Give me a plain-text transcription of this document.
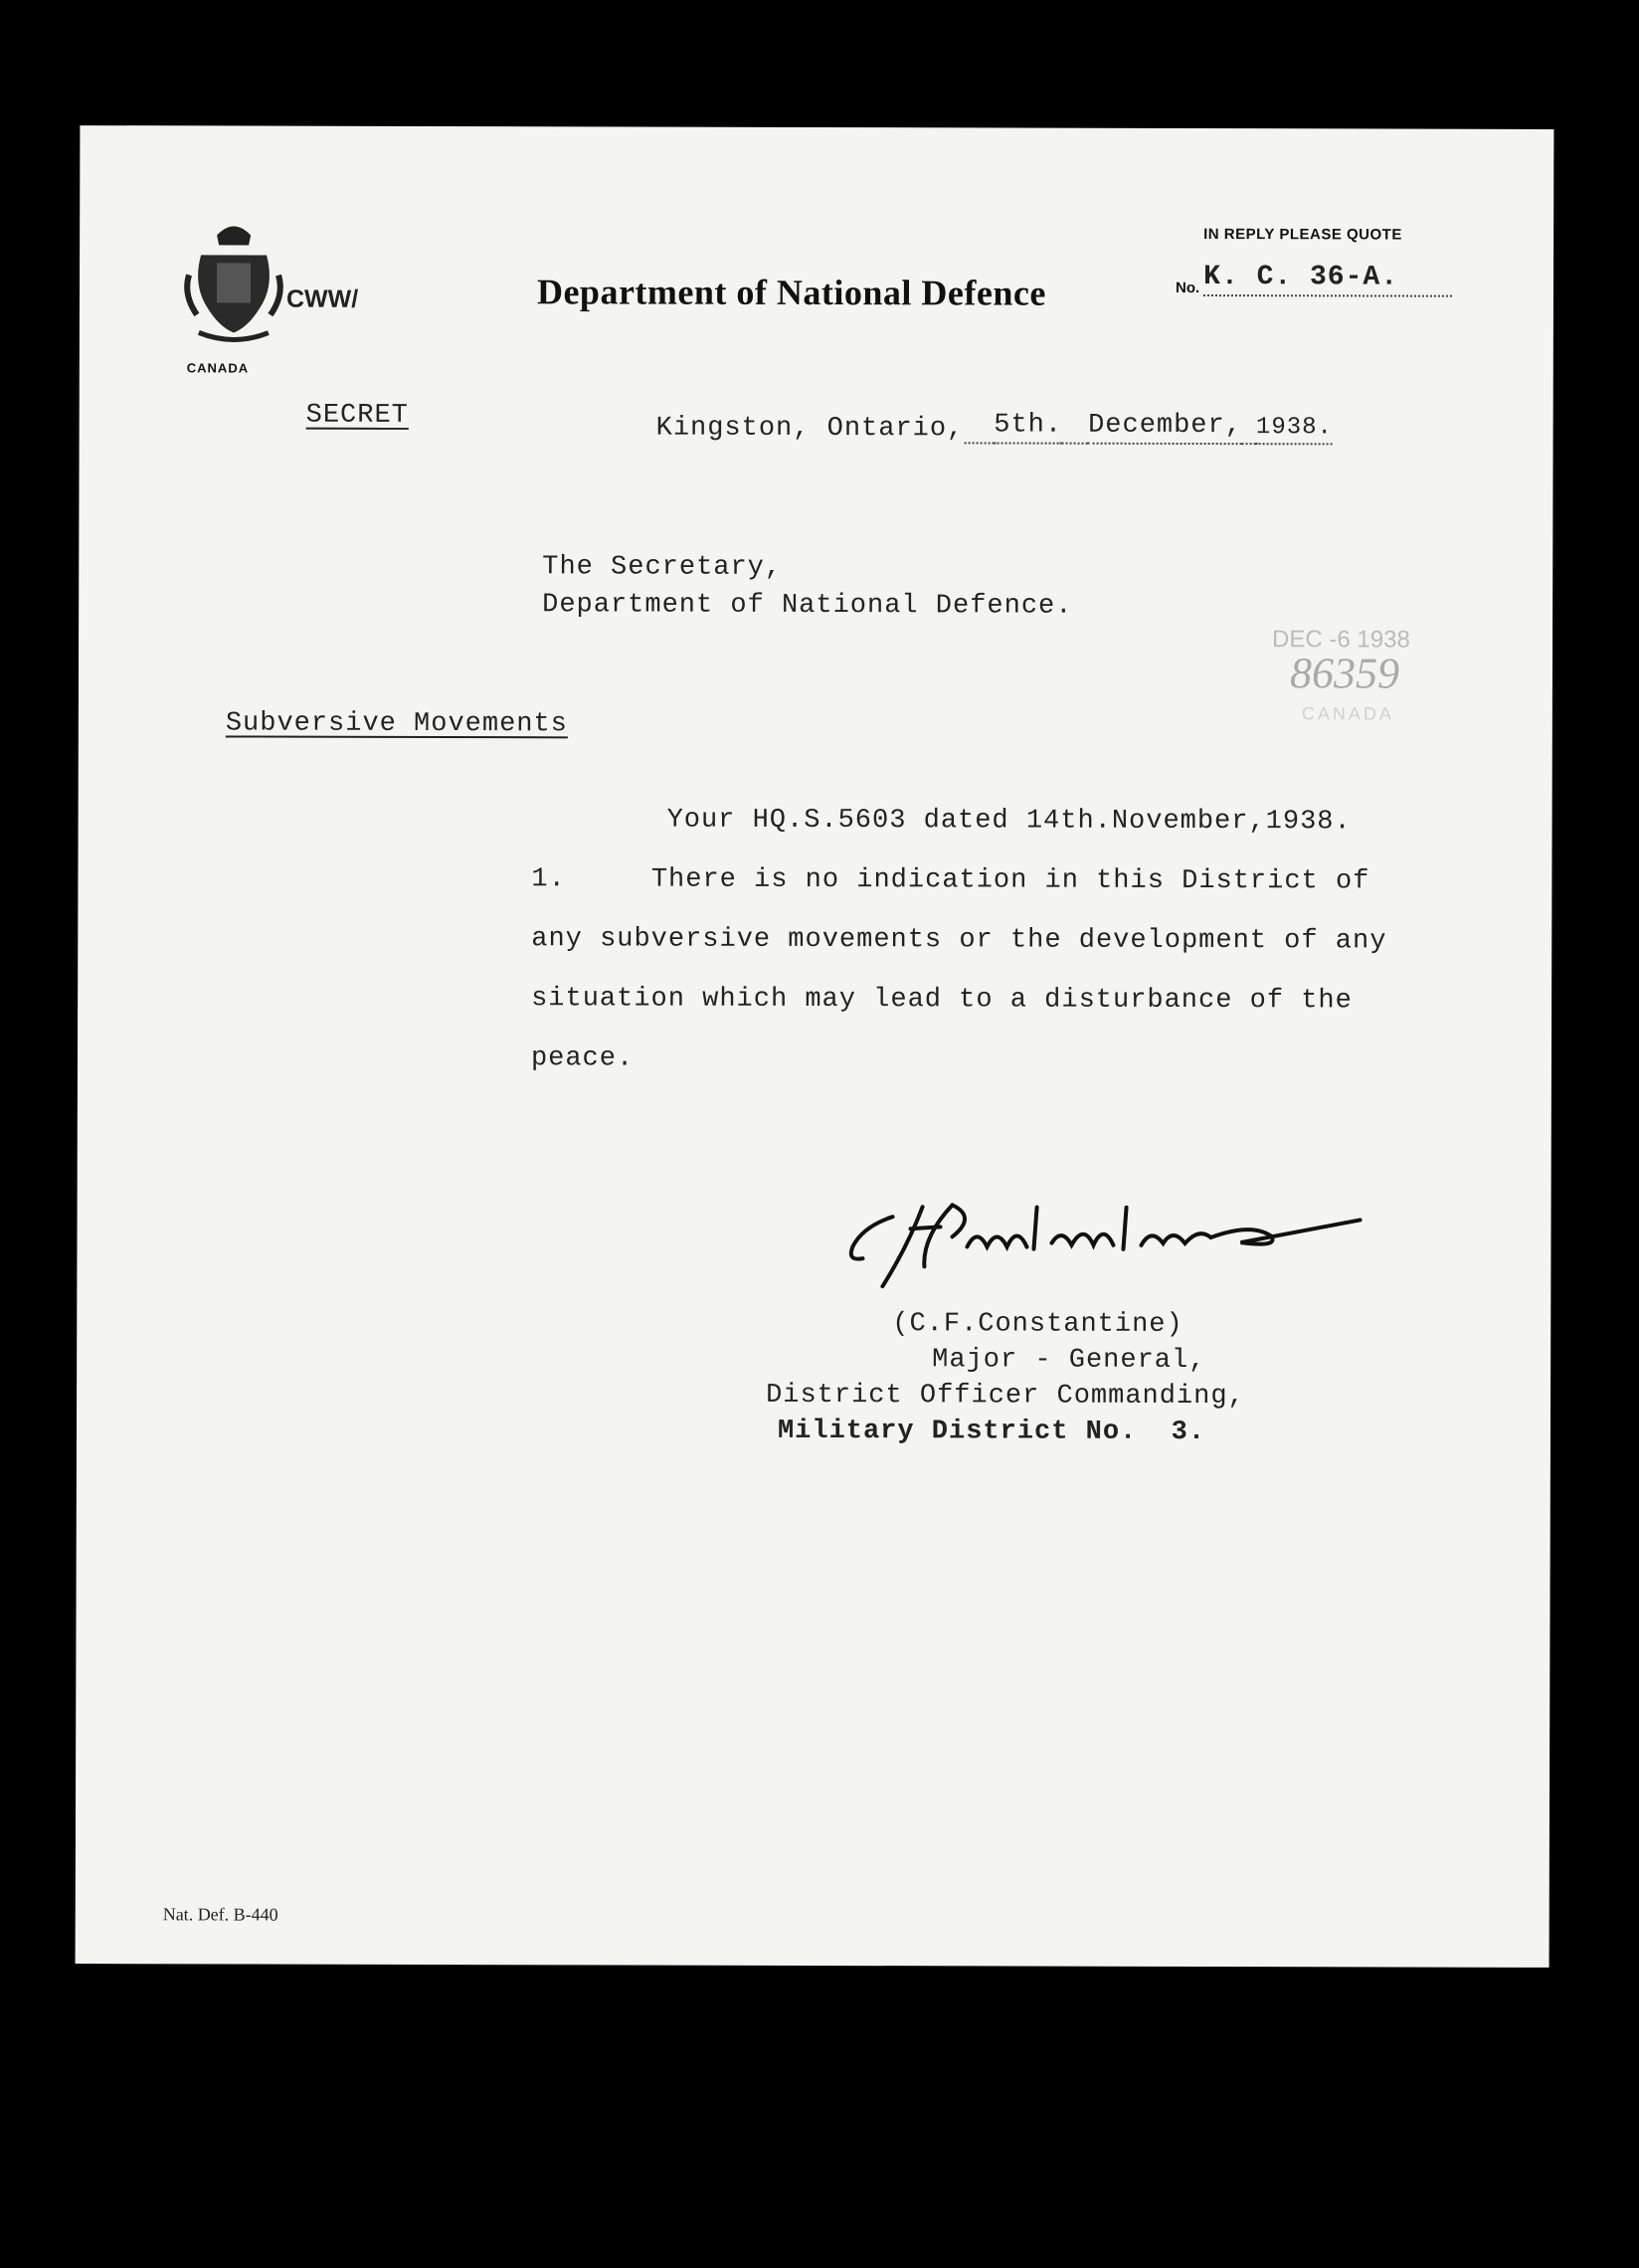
CANADA
CWW/	Department of National Defence
IN REPLY PLEASE QUOTE
No. K. C. 36-A.
SECRET	Kingston, Ontario, 5th. December, 1938.
The Secretary,
Department of National Defence.
DEC -6 1938
86359
CANADA
Subversive Movements
Your HQ.S.5603 dated 14th.November,1938.
1.     There is no indication in this District of
any subversive movements or the development of any
situation which may lead to a disturbance of the
peace.
(C.F.Constantine)
Major - General,
District Officer Commanding,
Military District No.  3.
Nat. Def. B-440
